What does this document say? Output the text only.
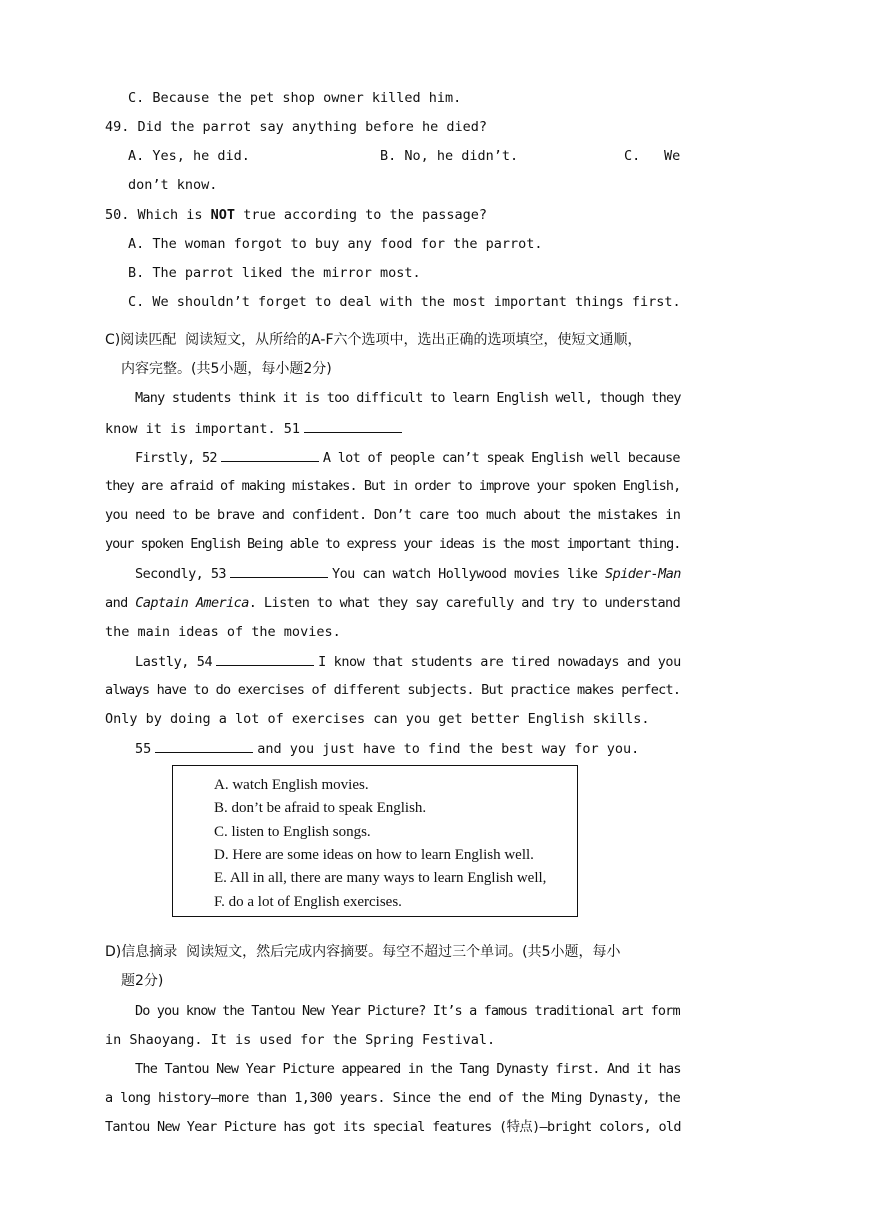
C. Because the pet shop owner killed him.
49. Did the parrot say anything before he died?
A. Yes, he did.	B. No, he didn’t.	C. We
don’t know.
50. Which is NOT true according to the passage?
A. The woman forgot to buy any food for the parrot.
B. The parrot liked the mirror most.
C. We shouldn’t forget to deal with the most important things first.
C)阅读匹配  阅读短文，从所给的A-F六个选项中，选出正确的选项填空，使短文通顺，
内容完整。(共5小题，每小题2分)
Many students think it is too difficult to learn English well, though they
know it is important. 51
Firstly, 52	A lot of people can’t speak English well because
they are afraid of making mistakes. But in order to improve your spoken English,
you need to be brave and confident. Don’t care too much about the mistakes in
your spoken English Being able to express your ideas is the most important thing.
Secondly, 53	You can watch Hollywood movies like Spider-Man
and Captain America. Listen to what they say carefully and try to understand
the main ideas of the movies.
Lastly, 54	I know that students are tired nowadays and you
always have to do exercises of different subjects. But practice makes perfect.
Only by doing a lot of exercises can you get better English skills.
55	and you just have to find the best way for you.
A. watch English movies.
B. don’t be afraid to speak English.
C. listen to English songs.
D. Here are some ideas on how to learn English well.
E. All in all, there are many ways to learn English well,
F. do a lot of English exercises.
D)信息摘录  阅读短文，然后完成内容摘要。每空不超过三个单词。(共5小题，每小
题2分)
Do you know the Tantou New Year Picture? It’s a famous traditional art form
in Shaoyang. It is used for the Spring Festival.
The Tantou New Year Picture appeared in the Tang Dynasty first. And it has
a long history—more than 1,300 years. Since the end of the Ming Dynasty, the
Tantou New Year Picture has got its special features (特点)—bright colors, old
